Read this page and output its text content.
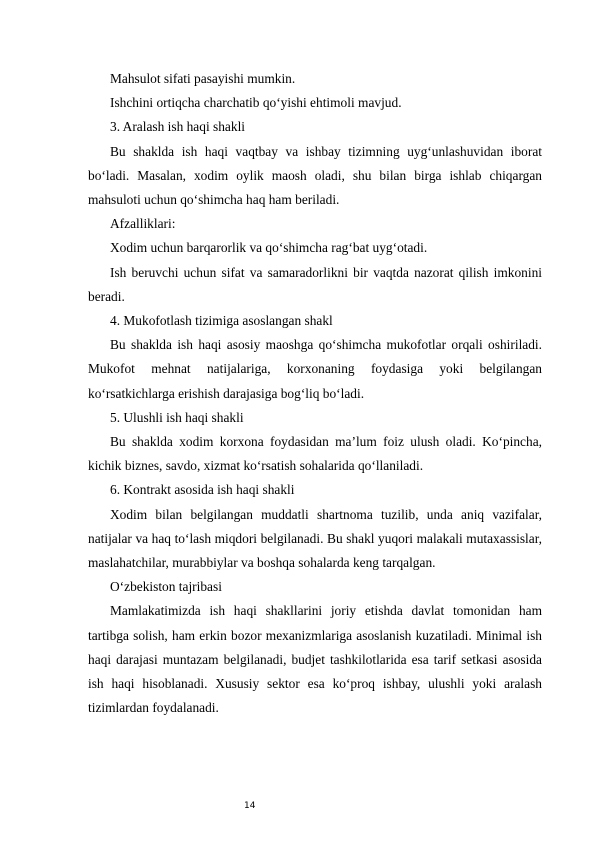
Mahsulot sifati pasayishi mumkin.

Ishchini ortiqcha charchatib qo‘yishi ehtimoli mavjud.

3. Aralash ish haqi shakli

Bu shaklda ish haqi vaqtbay va ishbay tizimning uyg‘unlashuvidan iborat bo‘ladi. Masalan, xodim oylik maosh oladi, shu bilan birga ishlab chiqargan mahsuloti uchun qo‘shimcha haq ham beriladi.

Afzalliklari:

Xodim uchun barqarorlik va qo‘shimcha rag‘bat uyg‘otadi.

Ish beruvchi uchun sifat va samaradorlikni bir vaqtda nazorat qilish imkonini beradi.

4. Mukofotlash tizimiga asoslangan shakl

Bu shaklda ish haqi asosiy maoshga qo‘shimcha mukofotlar orqali oshiriladi. Mukofot mehnat natijalariga, korxonaning foydasiga yoki belgilangan ko‘rsatkichlarga erishish darajasiga bog‘liq bo‘ladi.

5. Ulushli ish haqi shakli

Bu shaklda xodim korxona foydasidan ma’lum foiz ulush oladi. Ko‘pincha, kichik biznes, savdo, xizmat ko‘rsatish sohalarida qo‘llaniladi.

6. Kontrakt asosida ish haqi shakli

Xodim bilan belgilangan muddatli shartnoma tuzilib, unda aniq vazifalar, natijalar va haq to‘lash miqdori belgilanadi. Bu shakl yuqori malakali mutaxassislar, maslahatchilar, murabbiylar va boshqa sohalarda keng tarqalgan.

O‘zbekiston tajribasi

Mamlakatimizda ish haqi shakllarini joriy etishda davlat tomonidan ham tartibga solish, ham erkin bozor mexanizmlariga asoslanish kuzatiladi. Minimal ish haqi darajasi muntazam belgilanadi, budjet tashkilotlarida esa tarif setkasi asosida ish haqi hisoblanadi. Xususiy sektor esa ko‘proq ishbay, ulushli yoki aralash tizimlardan foydalanadi.

14
